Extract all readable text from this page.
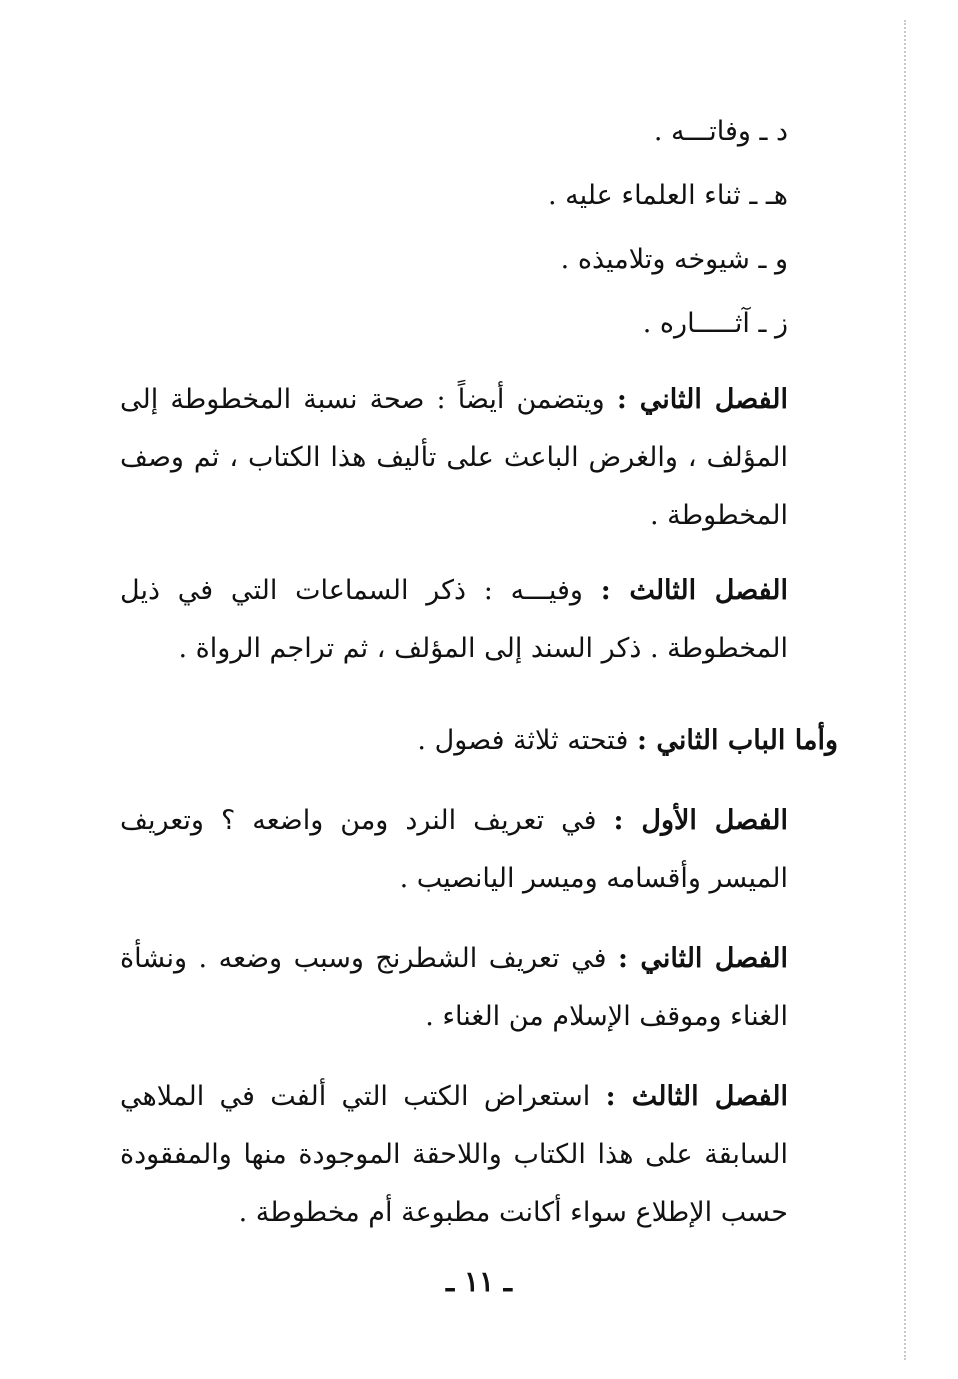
د ـ وفاتـــه .
هـ ـ ثناء العلماء عليه .
و ـ شيوخه وتلاميذه .
ز ـ آثـــــاره .
الفصل الثاني : ويتضمن أيضاً : صحة نسبة المخطوطة إلى المؤلف ، والغرض الباعث على تأليف هذا الكتاب ، ثم وصف المخطوطة .
الفصل الثالث : وفيـــه : ذكر السماعات التي في ذيل المخطوطة . ذكر السند إلى المؤلف ، ثم تراجم الرواة .
وأما الباب الثاني : فتحته ثلاثة فصول .
الفصل الأول : في تعريف النرد ومن واضعه ؟ وتعريف الميسر وأقسامه وميسر اليانصيب .
الفصل الثاني : في تعريف الشطرنج وسبب وضعه . ونشأة الغناء وموقف الإسلام من الغناء .
الفصل الثالث : استعراض الكتب التي ألفت في الملاهي السابقة على هذا الكتاب واللاحقة الموجودة منها والمفقودة حسب الإطلاع سواء أكانت مطبوعة أم مخطوطة .
ـ ١١ ـ
